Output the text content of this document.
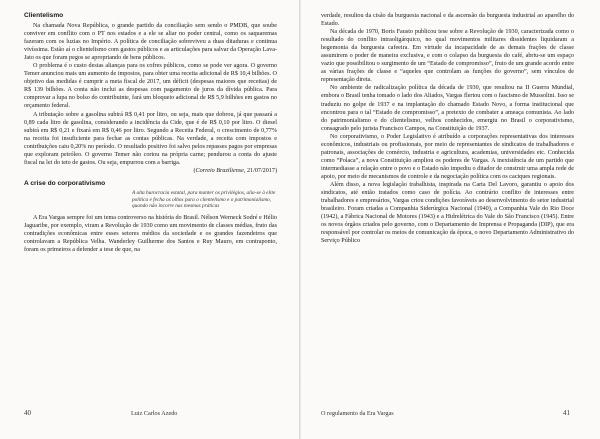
Clientelismo

Na chamada Nova República, o grande partido da conciliação sem sendo o PMDB, que soube conviver em conflito com o PT nos estados e a ele se aliar no poder central, como os saquaremas fazeram com os luzias no Império. A política de conciliação sobreviveu a duas ditaduras e continua vivíssima. Estão aí o clientelismo com gastos públicos e as articulações para salvar da Operação Lava-Jato os que foram pegos se apropriando de bens públicos.

O problema é o custo destas alianças para os cofres públicos, como se pode ver agora. O governo Temer anunciou mais um aumento de impostos, para obter uma receita adicional de R$ 10,4 bilhões. O objetivo das medidas é cumprir a meta fiscal de 2017, um déficit (despesas maiores que receitas) de R$ 139 bilhões. A conta não inclui as despesas com pagamento de juros da dívida pública. Para comprovar a lupa no bolso do contribuinte, fará um bloqueio adicional de R$ 5,9 bilhões em gastos no orçamento federal.

A tributação sobre a gasolina subirá R$ 0,41 por litro, ou seja, mais que dobrou, já que passará a 0,89 cada litro de gasolina, considerando a incidência da Cide, que é de R$ 0,10 por litro. O diesel subirá em R$ 0,21 e fixará em R$ 0,46 por litro. Segundo a Receita Federal, o crescimento de 0,77% na receita foi insuficiente para fechar as contas públicas. Na verdade, a receita com impostos e contribuições caiu 0,20% no período. O resultado positivo foi salvo pelos repasses pagos por empresas que exploram petróleo. O governo Temer não cortou na própria carne; pendurou a conta do ajuste fiscal na lei do teto de gastos. Ou seja, empurrou com a barriga.

(Correio Braziliense, 21/07/2017)

A crise do corporativismo
A alta burocracia estatal, para manter os privilégios, alia-se à elite política e fecha os olhos para o clientelismo e o patrimonialismo, quando não incorre nas mesmas práticas

A Era Vargas sempre foi um tema controverso na história do Brasil. Nélson Werneck Sodré e Hélio Jaguaribe, por exemplo, viram a Revolução de 1930 como um movimento de classes médias, fruto das contradições econômicas entre esses setores médios da sociedade e os grandes fazendeiros que controlavam a República Velha. Wanderley Guilherme dos Santos e Ruy Mauro, em contraponto, foram os primeiros a defender a tese de que, na

40	Luiz Carlos Azedo

verdade, resultou da cisão da burguesia nacional e da ascensão da burguesia industrial ao aparelho do Estado.

Na década de 1970, Boris Fausto publicou tese sobre a Revolução de 1930, caracterizada como o resultado do conflito intraoligárquico, no qual movimentos militares dissidentes liquidaram a hegemonia da burguesia cafeeira. Em virtude da incapacidade de as demais frações de classe assumirem o poder de maneira exclusiva, e com o colapso da burguesia do café, abriu-se um espaço vazio que possibilitou o surgimento de um “Estado de compromisso”, fruto de um grande acordo entre as várias frações de classe e “aqueles que controlam as funções do governo”, sem vínculos de representação direta.

No ambiente de radicalização política da década de 1930, que resultou na II Guerra Mundial, embora o Brasil tenha tomado o lado dos Aliados, Vargas flertou com o fascismo de Mussolini. Isso se traduziu no golpe de 1937 e na implantação do chamado Estado Novo, a forma institucional que encontrou para o tal “Estado de compromisso”, a pretexto de combater a ameaça comunista. Ao lado do patrimonialismo e do clientelismo, velhos conhecidos, emergiu no Brasil o corporativismo, consagrado pelo jurista Francisco Campos, na Constituição de 1937.

No corporativismo, o Poder Legislativo é atribuído a corporações representativas dos interesses econômicos, industriais ou profissionais, por meio de representantes de sindicatos de trabalhadores e patronais, associações de comércio, industria e agricultura, academias, universidades etc. Conhecida como “Polaca”, a nova Constituição ampliou os poderes de Vargas. A inexistência de um partido que intermediasse a relação entre o povo e o Estado não impediu o ditador de construir uma ampla rede de apoio, por meio de mecanismos de controle e da negociação política com os caciques regionais.

Além disso, a nova legislação trabalhista, inspirada na Carta Del Lavoro, garantiu o apoio dos sindicatos, até então tratados como caso de polícia. Ao contrário conflito de interesses entre trabalhadores e empresários, Vargas criou condições favoráveis ao desenvolvimento do setor industrial brasileiro. Foram criadas a Companhia Siderúrgica Nacional (1940), a Companhia Vale do Rio Doce (1942), a Fábrica Nacional de Motores (1943) e a Hidrelétrica do Vale do São Francisco (1945). Entre os novos órgãos criados pelo governo, com o Departamento de Imprensa e Propaganda (DIP), que era responsável por controlar os meios de comunicação da época, o novo Departamento Administrativo do Serviço Público

O regulamento da Era Vargas	41
